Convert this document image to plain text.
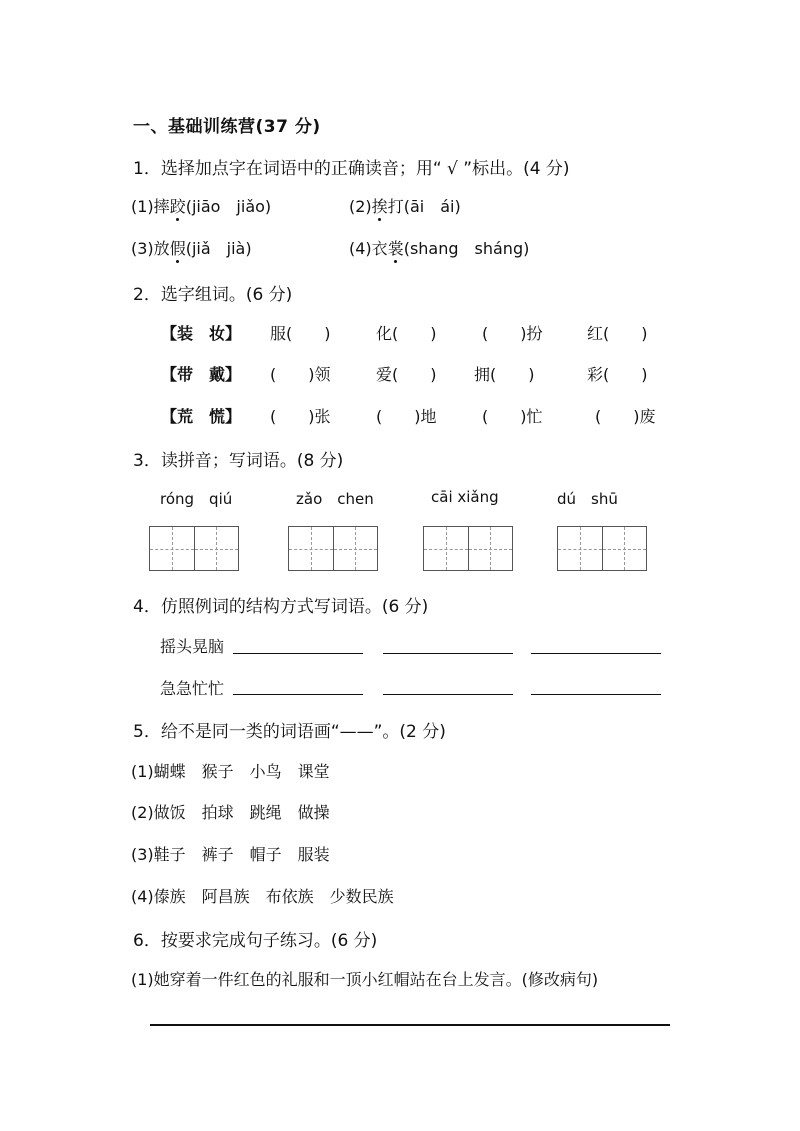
一、基础训练营(37 分)
1．选择加点字在词语中的正确读音；用“ √ ”标出。(4 分)
(1)摔跤(jiāo　jiǎo)	(2)挨打(āi　ái)
(3)放假(jiǎ　jià)	(4)衣裳(shang　sháng)
2．选字组词。(6 分)
【装　妆】 服(　　)	化(　　)	(　　)扮	红(　　)
【带　戴】 (　　)领	爱(　　) 拥(　　)	彩(　　)
【荒　慌】 (　　)张	(　　)地	(　　)忙	(　　)废
3．读拼音；写词语。(8 分)
róng　qiú	zǎo　chen	cāi xiǎng	dú　shū
4．仿照例词的结构方式写词语。(6 分)
摇头晃脑
急急忙忙
5．给不是同一类的词语画“——”。(2 分)
(1)蝴蝶　猴子　小鸟　课堂
(2)做饭　拍球　跳绳　做操
(3)鞋子　裤子　帽子　服装
(4)傣族　阿昌族　布依族　少数民族
6．按要求完成句子练习。(6 分)
(1)她穿着一件红色的礼服和一顶小红帽站在台上发言。(修改病句)
